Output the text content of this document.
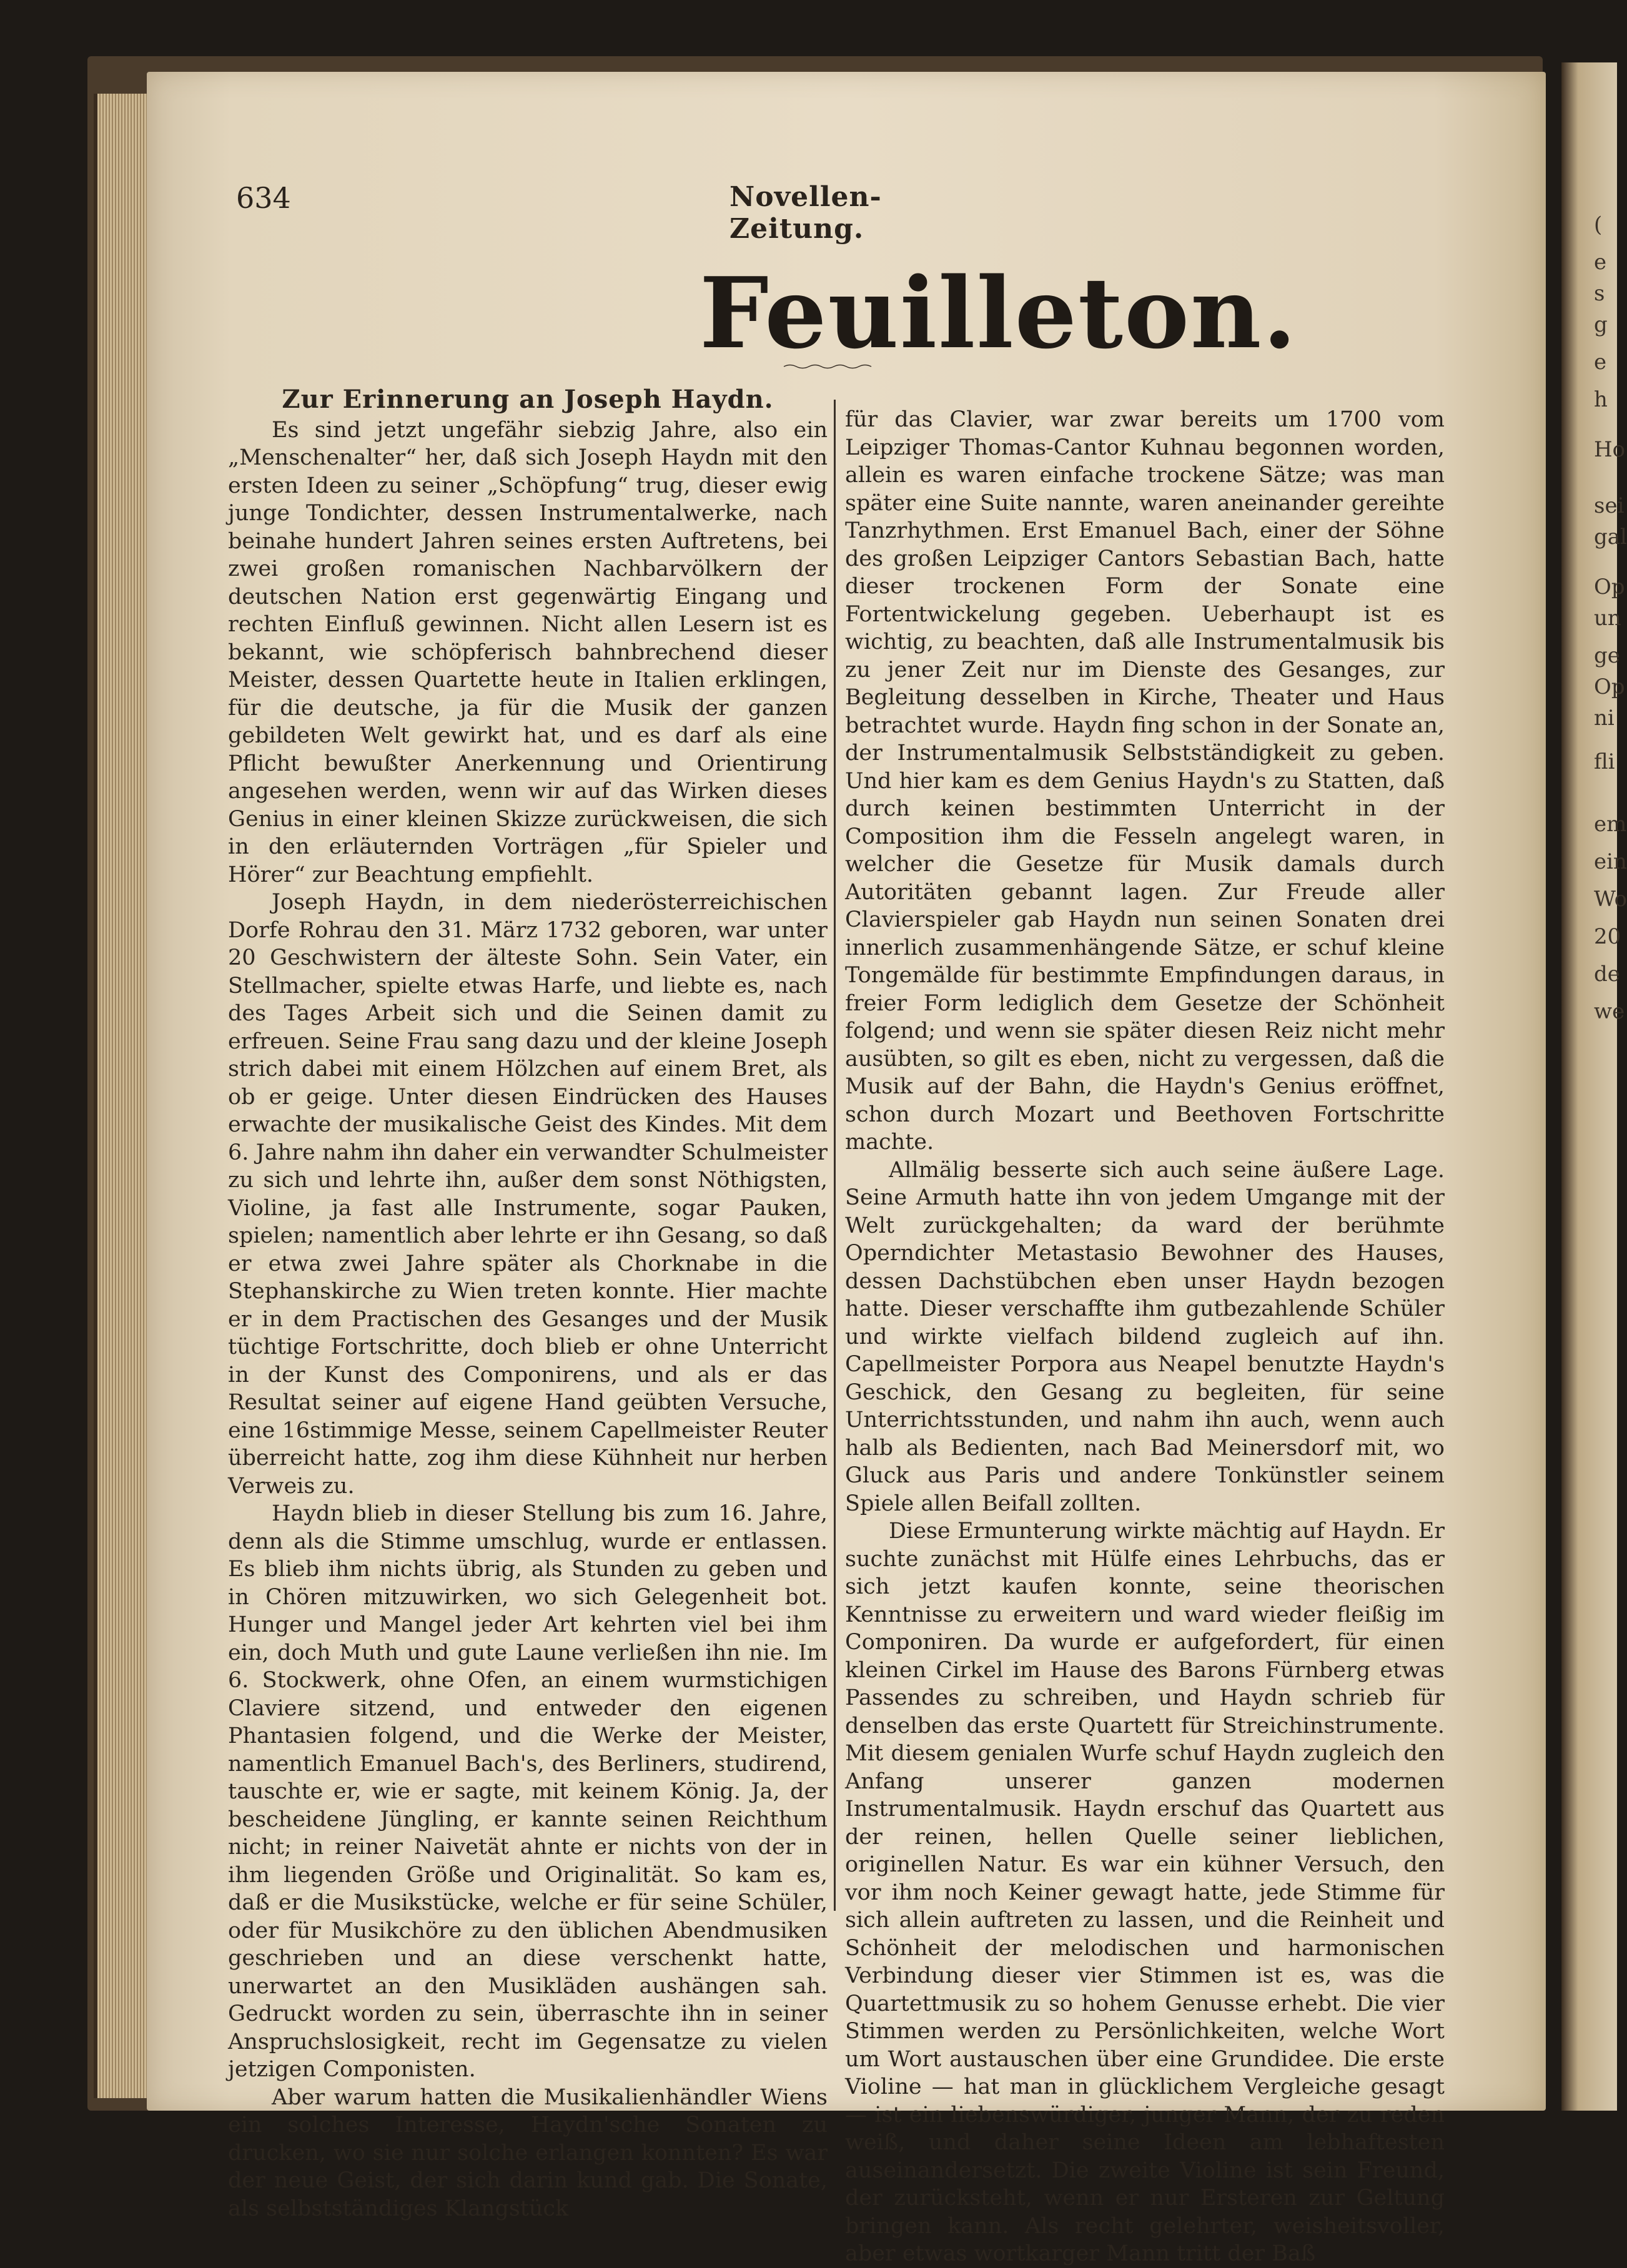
(
e
s
g
e
h
Ho
sei
gal
Op
un
ge
Op
ni
fli
em
ein
Wo
20
de
we
634	Novellen-Zeitung.
Feuilleton.
Zur Erinnerung an Joseph Haydn.

Es sind jetzt ungefähr siebzig Jahre, also ein „Menschenalter“ her, daß sich Joseph Haydn mit den ersten Ideen zu seiner „Schöpfung“ trug, dieser ewig junge Tondichter, dessen Instrumentalwerke, nach beinahe hundert Jahren seines ersten Auftretens, bei zwei großen romanischen Nachbarvölkern der deutschen Nation erst gegenwärtig Eingang und rechten Einfluß gewinnen. Nicht allen Lesern ist es bekannt, wie schöpferisch bahnbrechend dieser Meister, dessen Quartette heute in Italien erklingen, für die deutsche, ja für die Musik der ganzen gebildeten Welt gewirkt hat, und es darf als eine Pflicht bewußter Anerkennung und Orientirung angesehen werden, wenn wir auf das Wirken dieses Genius in einer kleinen Skizze zurückweisen, die sich in den erläuternden Vorträgen „für Spieler und Hörer“ zur Beachtung empfiehlt.

Joseph Haydn, in dem niederösterreichischen Dorfe Rohrau den 31. März 1732 geboren, war unter 20 Geschwistern der älteste Sohn. Sein Vater, ein Stellmacher, spielte etwas Harfe, und liebte es, nach des Tages Arbeit sich und die Seinen damit zu erfreuen. Seine Frau sang dazu und der kleine Joseph strich dabei mit einem Hölzchen auf einem Bret, als ob er geige. Unter diesen Eindrücken des Hauses erwachte der musikalische Geist des Kindes. Mit dem 6. Jahre nahm ihn daher ein verwandter Schulmeister zu sich und lehrte ihn, außer dem sonst Nöthigsten, Violine, ja fast alle Instrumente, sogar Pauken, spielen; namentlich aber lehrte er ihn Gesang, so daß er etwa zwei Jahre später als Chorknabe in die Stephanskirche zu Wien treten konnte. Hier machte er in dem Practischen des Gesanges und der Musik tüchtige Fortschritte, doch blieb er ohne Unterricht in der Kunst des Componirens, und als er das Resultat seiner auf eigene Hand geübten Versuche, eine 16stimmige Messe, seinem Capellmeister Reuter überreicht hatte, zog ihm diese Kühnheit nur herben Verweis zu.

Haydn blieb in dieser Stellung bis zum 16. Jahre, denn als die Stimme umschlug, wurde er entlassen. Es blieb ihm nichts übrig, als Stunden zu geben und in Chören mitzuwirken, wo sich Gelegenheit bot. Hunger und Mangel jeder Art kehrten viel bei ihm ein, doch Muth und gute Laune verließen ihn nie. Im 6. Stockwerk, ohne Ofen, an einem wurmstichigen Claviere sitzend, und entweder den eigenen Phantasien folgend, und die Werke der Meister, namentlich Emanuel Bach's, des Berliners, studirend, tauschte er, wie er sagte, mit keinem König. Ja, der bescheidene Jüngling, er kannte seinen Reichthum nicht; in reiner Naivetät ahnte er nichts von der in ihm liegenden Größe und Originalität. So kam es, daß er die Musikstücke, welche er für seine Schüler, oder für Musikchöre zu den üblichen Abendmusiken geschrieben und an diese verschenkt hatte, unerwartet an den Musikläden aushängen sah. Gedruckt worden zu sein, überraschte ihn in seiner Anspruchslosigkeit, recht im Gegensatze zu vielen jetzigen Componisten.

Aber warum hatten die Musikalienhändler Wiens ein solches Interesse, Haydn'sche Sonaten zu drucken, wo sie nur solche erlangen konnten? Es war der neue Geist, der sich darin kund gab. Die Sonate, als selbstständiges Klangstück

für das Clavier, war zwar bereits um 1700 vom Leipziger Thomas-Cantor Kuhnau begonnen worden, allein es waren einfache trockene Sätze; was man später eine Suite nannte, waren aneinander gereihte Tanzrhythmen. Erst Emanuel Bach, einer der Söhne des großen Leipziger Cantors Sebastian Bach, hatte dieser trockenen Form der Sonate eine Fortentwickelung gegeben. Ueberhaupt ist es wichtig, zu beachten, daß alle Instrumentalmusik bis zu jener Zeit nur im Dienste des Gesanges, zur Begleitung desselben in Kirche, Theater und Haus betrachtet wurde. Haydn fing schon in der Sonate an, der Instrumentalmusik Selbstständigkeit zu geben. Und hier kam es dem Genius Haydn's zu Statten, daß durch keinen bestimmten Unterricht in der Composition ihm die Fesseln angelegt waren, in welcher die Gesetze für Musik damals durch Autoritäten gebannt lagen. Zur Freude aller Clavierspieler gab Haydn nun seinen Sonaten drei innerlich zusammenhängende Sätze, er schuf kleine Tongemälde für bestimmte Empfindungen daraus, in freier Form lediglich dem Gesetze der Schönheit folgend; und wenn sie später diesen Reiz nicht mehr ausübten, so gilt es eben, nicht zu vergessen, daß die Musik auf der Bahn, die Haydn's Genius eröffnet, schon durch Mozart und Beethoven Fortschritte machte.

Allmälig besserte sich auch seine äußere Lage. Seine Armuth hatte ihn von jedem Umgange mit der Welt zurückgehalten; da ward der berühmte Operndichter Metastasio Bewohner des Hauses, dessen Dachstübchen eben unser Haydn bezogen hatte. Dieser verschaffte ihm gutbezahlende Schüler und wirkte vielfach bildend zugleich auf ihn. Capellmeister Porpora aus Neapel benutzte Haydn's Geschick, den Gesang zu begleiten, für seine Unterrichtsstunden, und nahm ihn auch, wenn auch halb als Bedienten, nach Bad Meinersdorf mit, wo Gluck aus Paris und andere Tonkünstler seinem Spiele allen Beifall zollten.

Diese Ermunterung wirkte mächtig auf Haydn. Er suchte zunächst mit Hülfe eines Lehrbuchs, das er sich jetzt kaufen konnte, seine theorischen Kenntnisse zu erweitern und ward wieder fleißig im Componiren. Da wurde er aufgefordert, für einen kleinen Cirkel im Hause des Barons Fürnberg etwas Passendes zu schreiben, und Haydn schrieb für denselben das erste Quartett für Streichinstrumente. Mit diesem genialen Wurfe schuf Haydn zugleich den Anfang unserer ganzen modernen Instrumentalmusik. Haydn erschuf das Quartett aus der reinen, hellen Quelle seiner lieblichen, originellen Natur. Es war ein kühner Versuch, den vor ihm noch Keiner gewagt hatte, jede Stimme für sich allein auftreten zu lassen, und die Reinheit und Schönheit der melodischen und harmonischen Verbindung dieser vier Stimmen ist es, was die Quartettmusik zu so hohem Genusse erhebt. Die vier Stimmen werden zu Persönlichkeiten, welche Wort um Wort austauschen über eine Grundidee. Die erste Violine — hat man in glücklichem Vergleiche gesagt — ist ein liebenswürdiger, junger Mann, der zu reden weiß, und daher seine Ideen am lebhaftesten auseinandersetzt. Die zweite Violine ist sein Freund, der zurücksteht, wenn er nur Ersteren zur Geltung bringen kann. Als recht gelehrter, weisheitsvoller, aber etwas wortkarger Mann tritt der Baß
